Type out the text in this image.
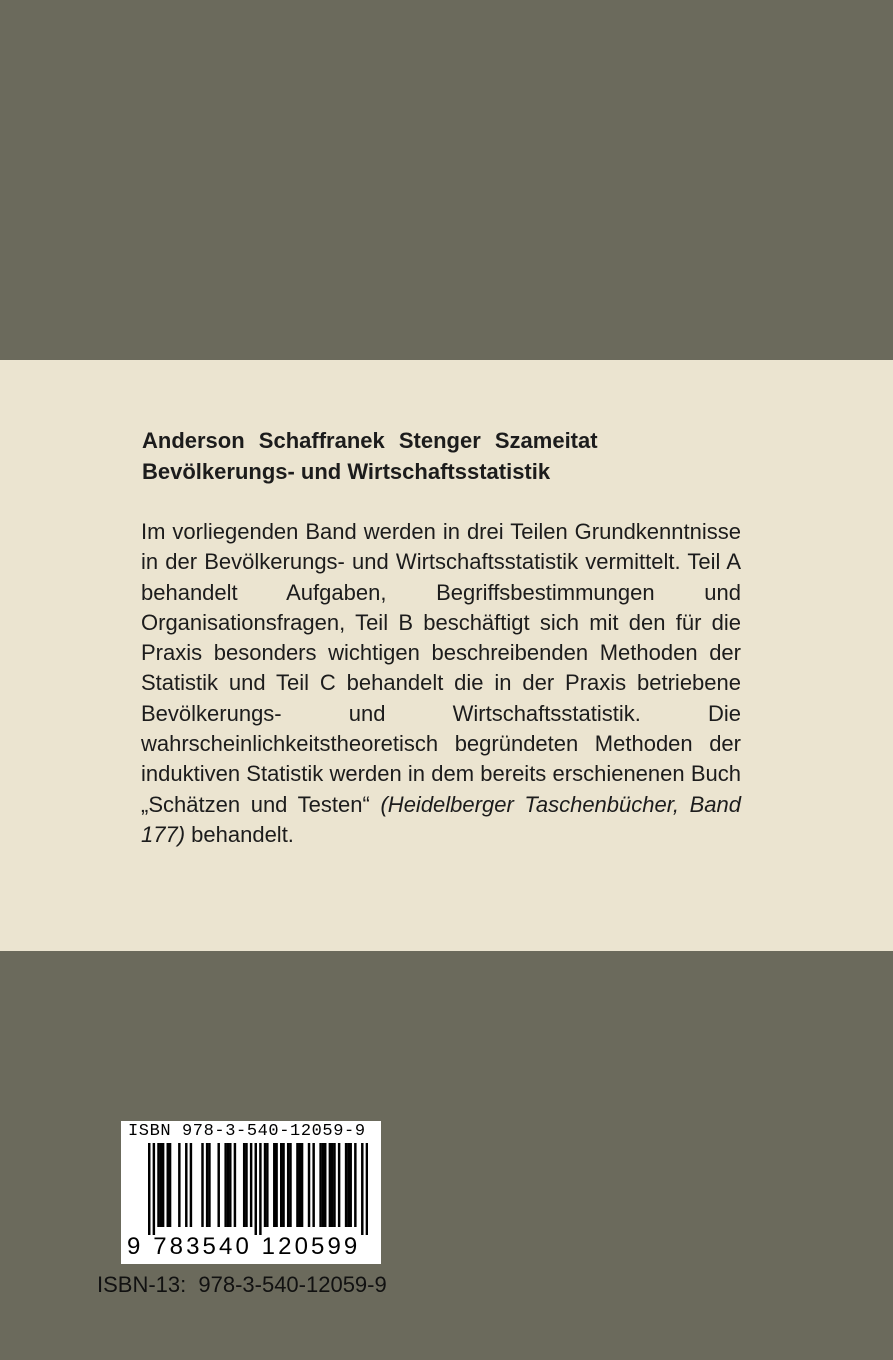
Anderson Schaffranek Stenger Szameitat
Bevölkerungs- und Wirtschaftsstatistik
Im vorliegenden Band werden in drei Teilen Grundkenntnisse in der Bevölkerungs- und Wirtschaftsstatistik vermittelt. Teil A behandelt Aufgaben, Begriffsbestimmungen und Organisationsfragen, Teil B beschäftigt sich mit den für die Praxis besonders wichtigen beschreibenden Methoden der Statistik und Teil C behandelt die in der Praxis betriebene Bevölkerungs- und Wirtschaftsstatistik. Die wahrscheinlichkeitstheoretisch begründeten Methoden der induktiven Statistik werden in dem bereits erschienenen Buch „Schätzen und Testen“ (Heidelberger Taschenbücher, Band 177) behandelt.
ISBN 978-3-540-12059-9
9 783540 120599
ISBN-13: 978-3-540-12059-9
